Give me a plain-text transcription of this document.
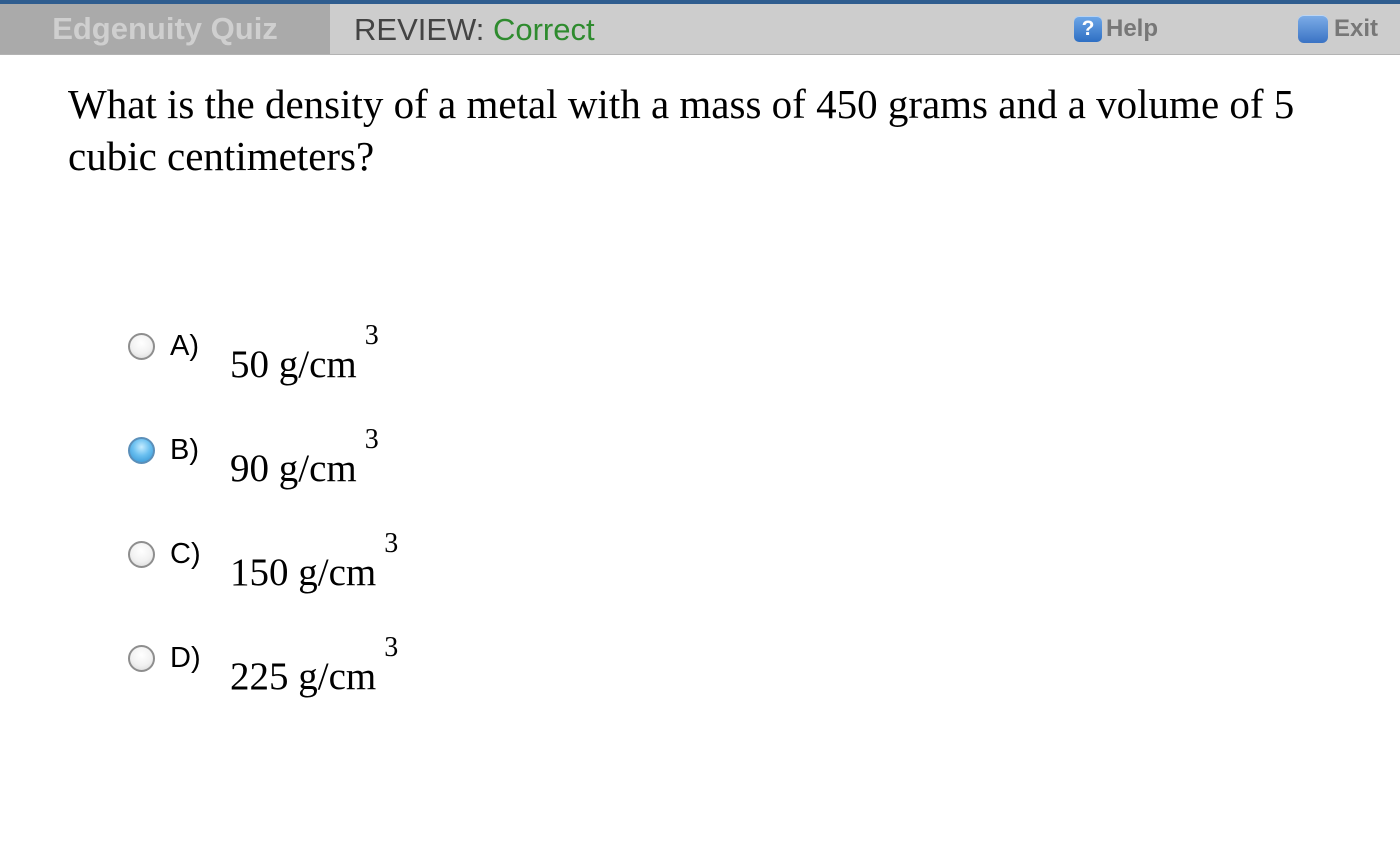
Edgenuity Quiz	REVIEW: Correct	? Help	Exit
What is the density of a metal with a mass of 450 grams and a volume of 5 cubic centimeters?
A) 50 $g/cm^3$
B) 90 $g/cm^3$
C) 150 $g/cm^3$
D) 225 $g/cm^3$
